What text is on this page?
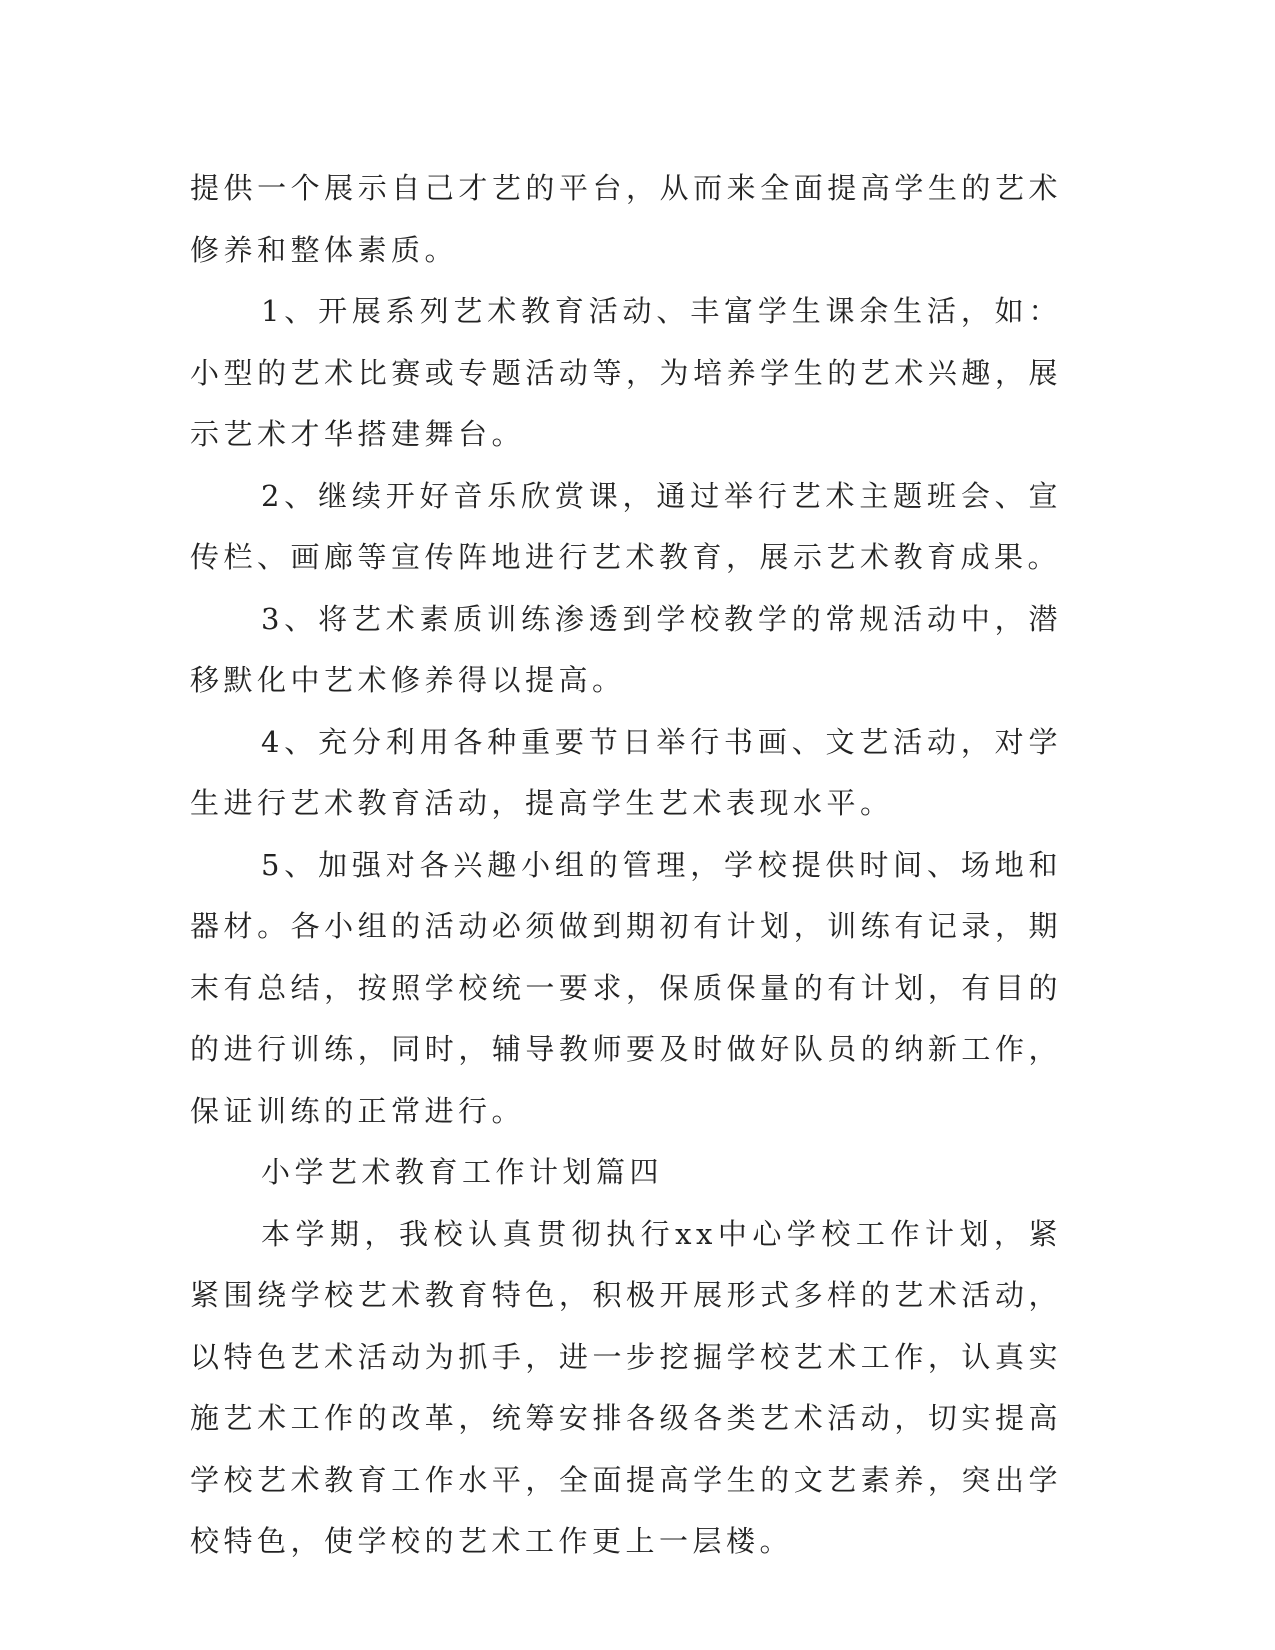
提供一个展示自己才艺的平台，从而来全面提高学生的艺术修养和整体素质。

1、开展系列艺术教育活动、丰富学生课余生活，如：小型的艺术比赛或专题活动等，为培养学生的艺术兴趣，展示艺术才华搭建舞台。

2、继续开好音乐欣赏课，通过举行艺术主题班会、宣传栏、画廊等宣传阵地进行艺术教育，展示艺术教育成果。

3、将艺术素质训练渗透到学校教学的常规活动中，潜移默化中艺术修养得以提高。

4、充分利用各种重要节日举行书画、文艺活动，对学生进行艺术教育活动，提高学生艺术表现水平。

5、加强对各兴趣小组的管理，学校提供时间、场地和器材。各小组的活动必须做到期初有计划，训练有记录，期末有总结，按照学校统一要求，保质保量的有计划，有目的的进行训练，同时，辅导教师要及时做好队员的纳新工作，保证训练的正常进行。

小学艺术教育工作计划篇四

本学期，我校认真贯彻执行xx中心学校工作计划，紧紧围绕学校艺术教育特色，积极开展形式多样的艺术活动，以特色艺术活动为抓手，进一步挖掘学校艺术工作，认真实施艺术工作的改革，统筹安排各级各类艺术活动，切实提高学校艺术教育工作水平，全面提高学生的文艺素养，突出学校特色，使学校的艺术工作更上一层楼。
